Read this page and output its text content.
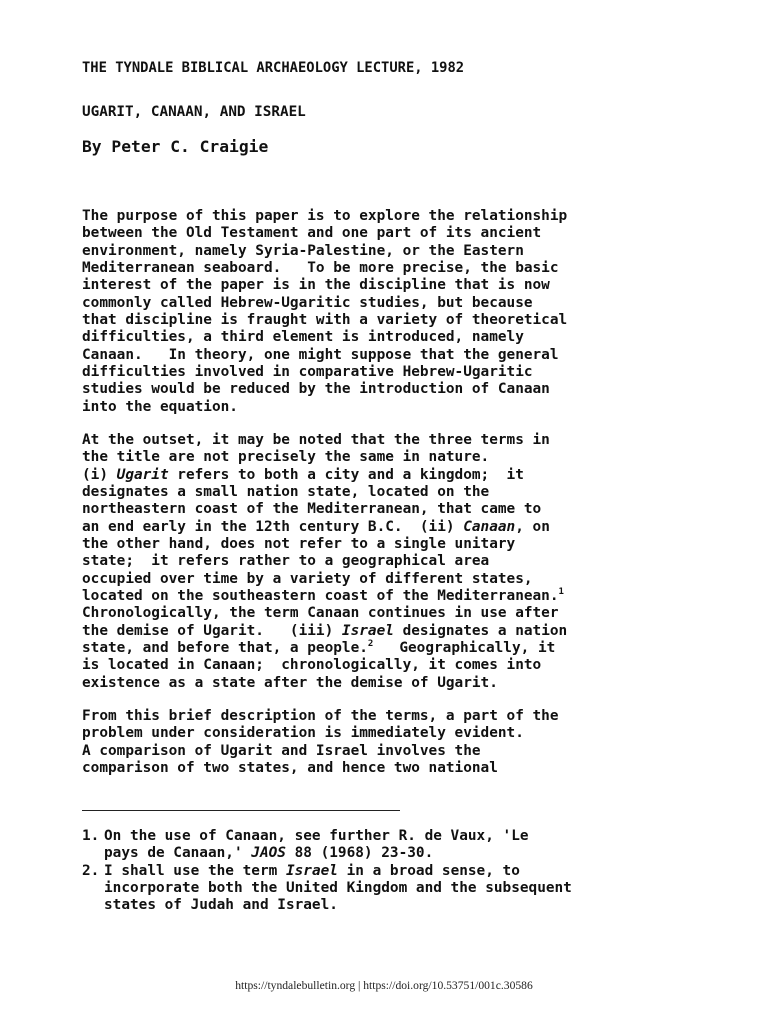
THE TYNDALE BIBLICAL ARCHAEOLOGY LECTURE, 1982
UGARIT, CANAAN, AND ISRAEL
By Peter C. Craigie
The purpose of this paper is to explore the relationship
between the Old Testament and one part of its ancient
environment, namely Syria-Palestine, or the Eastern
Mediterranean seaboard.   To be more precise, the basic
interest of the paper is in the discipline that is now
commonly called Hebrew-Ugaritic studies, but because
that discipline is fraught with a variety of theoretical
difficulties, a third element is introduced, namely
Canaan.   In theory, one might suppose that the general
difficulties involved in comparative Hebrew-Ugaritic
studies would be reduced by the introduction of Canaan
into the equation.
At the outset, it may be noted that the three terms in
the title are not precisely the same in nature.
(i) Ugarit refers to both a city and a kingdom;  it
designates a small nation state, located on the
northeastern coast of the Mediterranean, that came to
an end early in the 12th century B.C.  (ii) Canaan, on
the other hand, does not refer to a single unitary
state;  it refers rather to a geographical area
occupied over time by a variety of different states,
located on the southeastern coast of the Mediterranean.$^1$
Chronologically, the term Canaan continues in use after
the demise of Ugarit.   (iii) Israel designates a nation
state, and before that, a people.$^2$   Geographically, it
is located in Canaan;  chronologically, it comes into
existence as a state after the demise of Ugarit.
From this brief description of the terms, a part of the
problem under consideration is immediately evident.
A comparison of Ugarit and Israel involves the
comparison of two states, and hence two national
1. On the use of Canaan, see further R. de Vaux, 'Le
pays de Canaan,' JAOS 88 (1968) 23-30.
2. I shall use the term Israel in a broad sense, to
incorporate both the United Kingdom and the subsequent
states of Judah and Israel.
https://tyndalebulletin.org | https://doi.org/10.53751/001c.30586
